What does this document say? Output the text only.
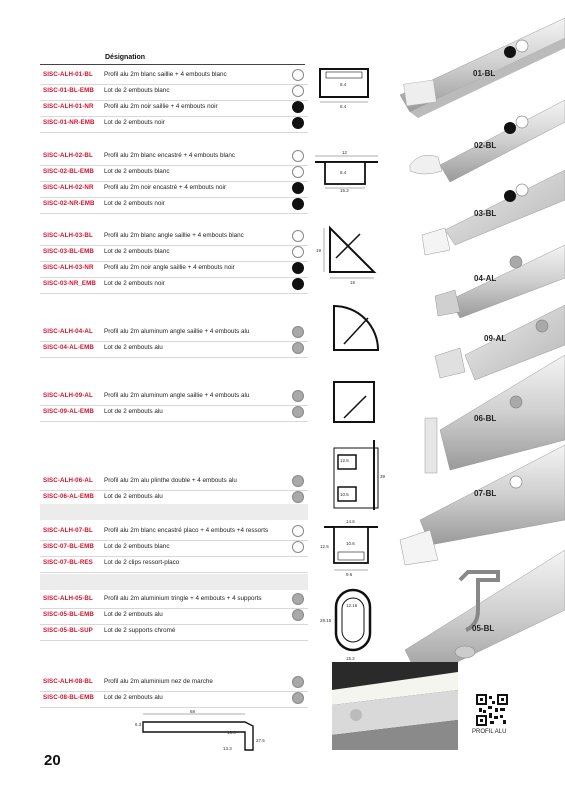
Désignation
SISC-ALH-01-BL Profil alu 2m blanc saillie + 4 embouts blanc
SISC-01-BL-EMB Lot de 2 embouts blanc
SISC-ALH-01-NR Profil alu 2m noir saillie + 4 embouts noir
SISC-01-NR-EMB Lot de 2 embouts noir
SISC-ALH-02-BL Profil alu 2m blanc encastré + 4 embouts blanc
SISC-02-BL-EMB Lot de 2 embouts blanc
SISC-ALH-02-NR Profil alu 2m noir encastré + 4 embouts noir
SISC-02-NR-EMB Lot de 2 embouts noir
SISC-ALH-03-BL Profil alu 2m blanc angle saillie + 4 embouts blanc
SISC-03-BL-EMB Lot de 2 embouts blanc
SISC-ALH-03-NR Profil alu 2m noir angle saillie + 4 embouts noir
SISC-03-NR_EMB Lot de 2 embouts noir
SISC-ALH-04-AL Profil alu 2m aluminum angle saillie + 4 embouts alu
SISC-04-AL-EMB Lot de 2 embouts alu
SISC-ALH-09-AL Profil alu 2m aluminum angle saillie + 4 embouts alu
SISC-09-AL-EMB Lot de 2 embouts alu
SISC-ALH-06-AL Profil alu 2m alu plinthe double + 4 embouts alu
SISC-06-AL-EMB Lot de 2 embouts alu
SISC-ALH-07-BL Profil alu 2m blanc encastré placo + 4 embouts +4 ressorts
SISC-07-BL-EMB Lot de 2 embouts blanc
SISC-07-BL-RES Lot de 2 clips ressort-placo
SISC-ALH-05-BL Profil alu 2m aluminium tringle + 4 embouts + 4 supports
SISC-05-BL-EMB Lot de 2 embouts alu
SISC-05-BL-SUP Lot de 2 supports chromé
SISC-ALH-08-BL Profil alu 2m aluminium nez de marche
SISC-08-BL-EMB Lot de 2 embouts alu
01-BL
02-BL
03-BL
04-AL
09-AL
06-BL
07-BL
05-BL
8.4
8.4
12
8.4
15.2
19
15
12.5
10.5
39
14.6
10.6
12.5
9.6
12.16
29.15
15.2
68
6.3
13.3
27.5
13.3	PROFIL ALU
20
